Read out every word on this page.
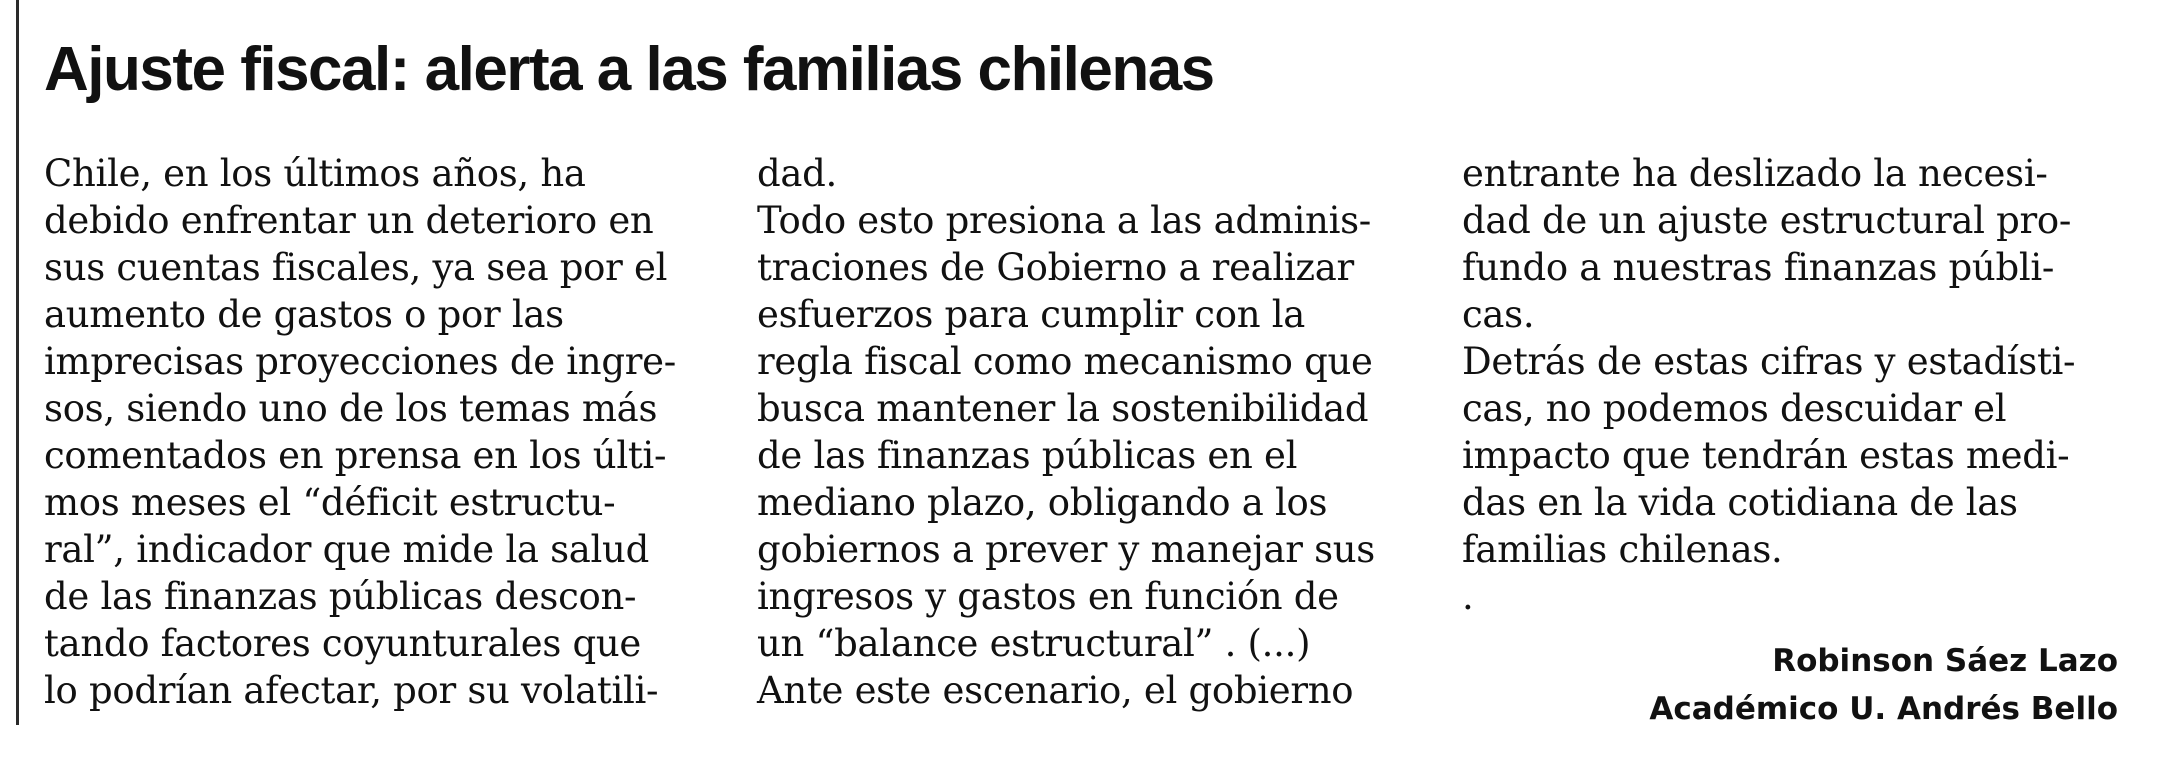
Ajuste fiscal: alerta a las familias chilenas
Chile, en los últimos años, ha
debido enfrentar un deterioro en
sus cuentas fiscales, ya sea por el
aumento de gastos o por las
imprecisas proyecciones de ingre-
sos, siendo uno de los temas más
comentados en prensa en los últi-
mos meses el “déficit estructu-
ral”, indicador que mide la salud
de las finanzas públicas descon-
tando factores coyunturales que
lo podrían afectar, por su volatili-
dad.
Todo esto presiona a las adminis-
traciones de Gobierno a realizar
esfuerzos para cumplir con la
regla fiscal como mecanismo que
busca mantener la sostenibilidad
de las finanzas públicas en el
mediano plazo, obligando a los
gobiernos a prever y manejar sus
ingresos y gastos en función de
un “balance estructural” . (...)
Ante este escenario, el gobierno
entrante ha deslizado la necesi-
dad de un ajuste estructural pro-
fundo a nuestras finanzas públi-
cas.
Detrás de estas cifras y estadísti-
cas, no podemos descuidar el
impacto que tendrán estas medi-
das en la vida cotidiana de las
familias chilenas.
.
Robinson Sáez Lazo
Académico U. Andrés Bello
